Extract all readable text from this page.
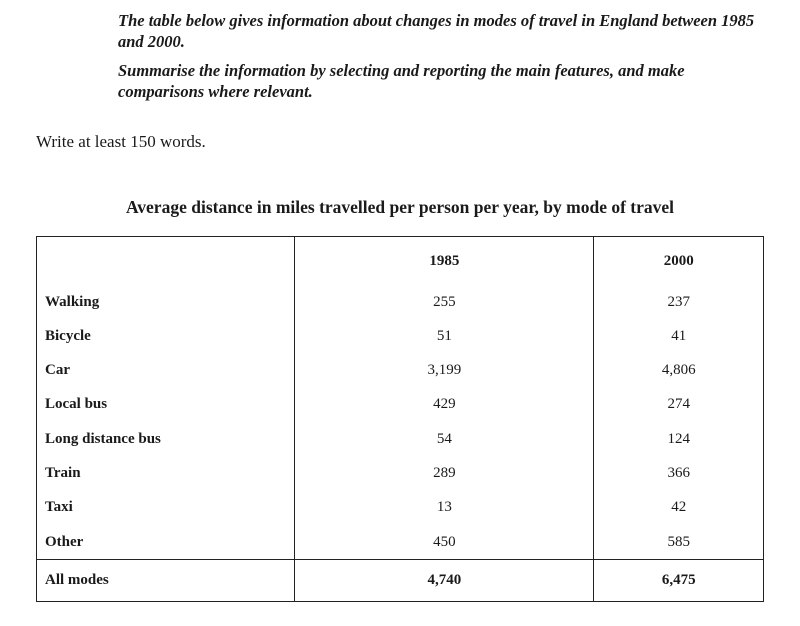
The table below gives information about changes in modes of travel in England between 1985 and 2000.

Summarise the information by selecting and reporting the main features, and make comparisons where relevant.

Write at least 150 words.
Average distance in miles travelled per person per year, by mode of travel
	1985	2000
Walking	255	237
Bicycle	51	41
Car	3,199	4,806
Local bus	429	274
Long distance bus	54	124
Train	289	366
Taxi	13	42
Other	450	585
All modes	4,740	6,475
